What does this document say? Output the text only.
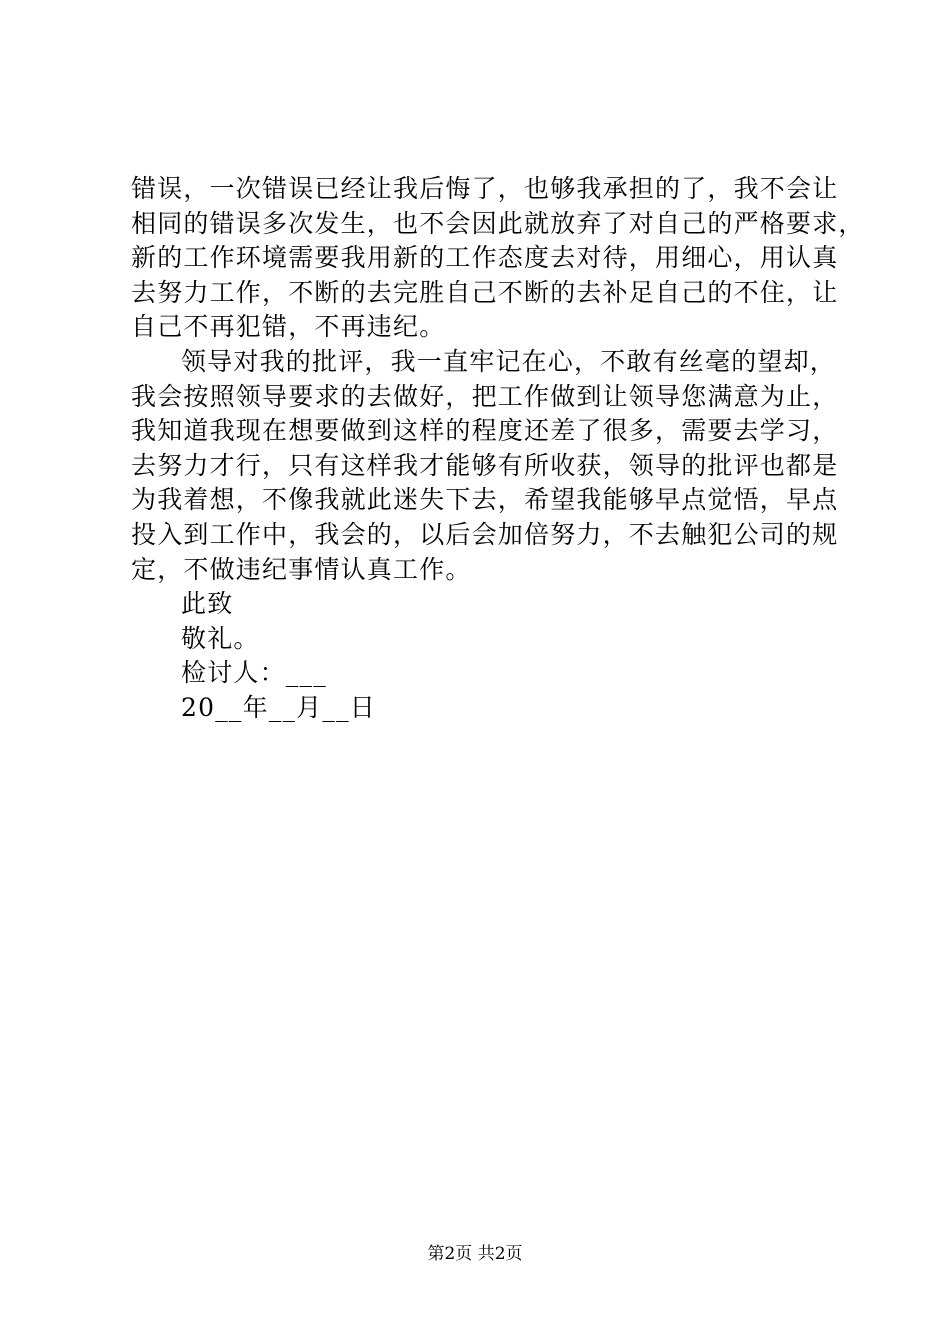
错误，一次错误已经让我后悔了，也够我承担的了，我不会让
相同的错误多次发生，也不会因此就放弃了对自己的严格要求，
新的工作环境需要我用新的工作态度去对待，用细心，用认真
去努力工作，不断的去完胜自己不断的去补足自己的不住，让
自己不再犯错，不再违纪。
领导对我的批评，我一直牢记在心，不敢有丝毫的望却，
我会按照领导要求的去做好，把工作做到让领导您满意为止，
我知道我现在想要做到这样的程度还差了很多，需要去学习，
去努力才行，只有这样我才能够有所收获，领导的批评也都是
为我着想，不像我就此迷失下去，希望我能够早点觉悟，早点
投入到工作中，我会的，以后会加倍努力，不去触犯公司的规
定，不做违纪事情认真工作。
此致
敬礼。
检讨人：___
20__年__月__日
第2页 共2页
